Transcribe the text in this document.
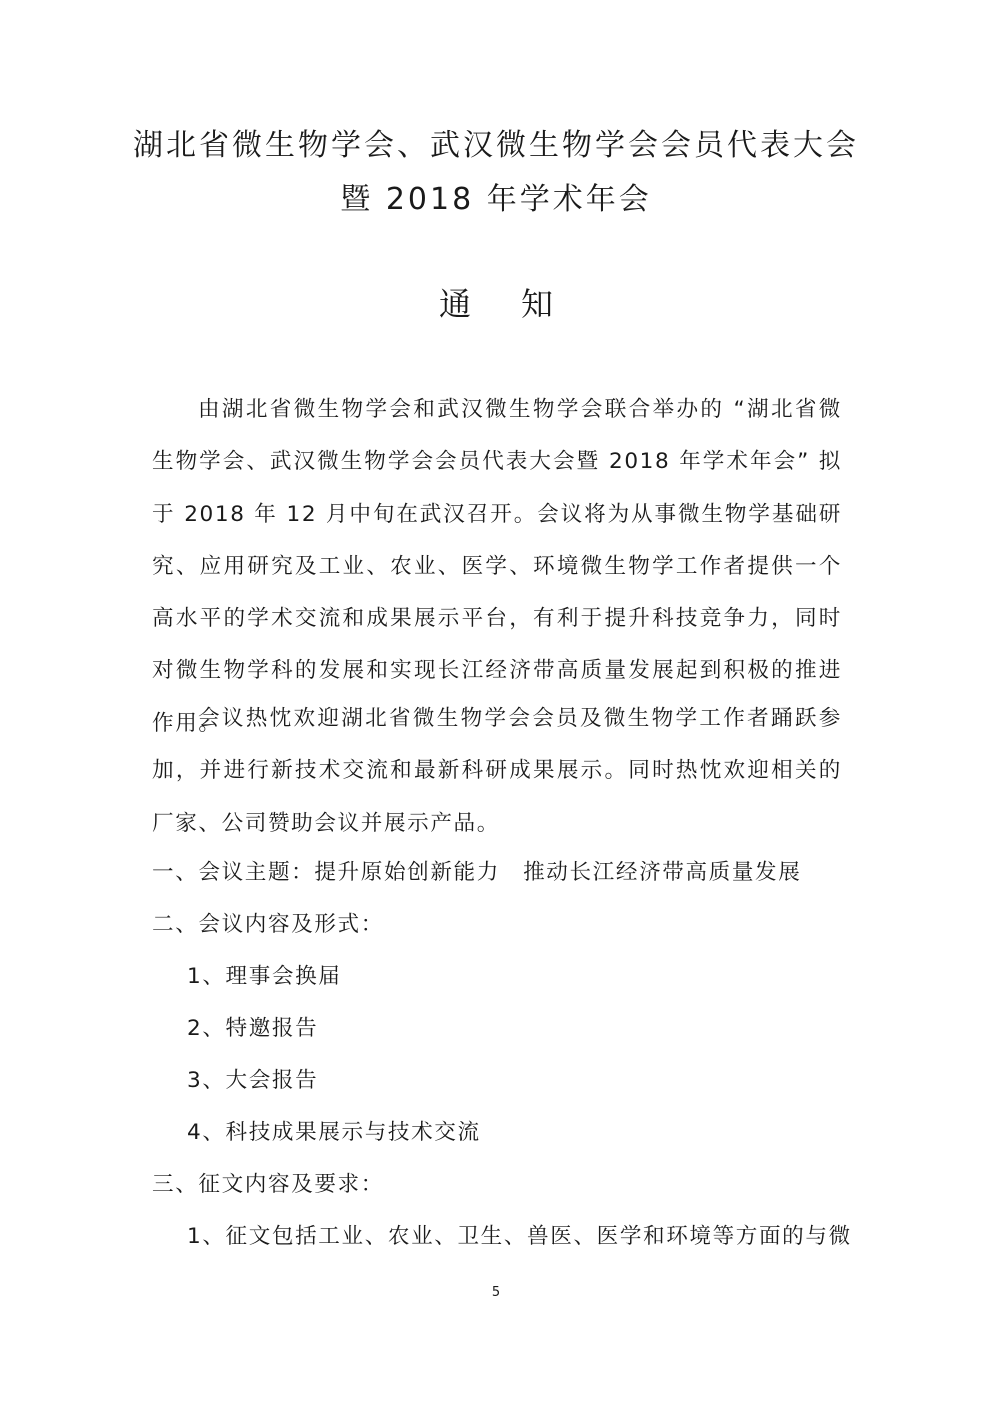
湖北省微生物学会、武汉微生物学会会员代表大会
暨 2018 年学术年会
通知

由湖北省微生物学会和武汉微生物学会联合举办的 “湖北省微生物学会、武汉微生物学会会员代表大会暨 2018 年学术年会” 拟于 2018 年 12 月中旬在武汉召开。会议将为从事微生物学基础研究、应用研究及工业、农业、医学、环境微生物学工作者提供一个高水平的学术交流和成果展示平台，有利于提升科技竞争力，同时对微生物学科的发展和实现长江经济带高质量发展起到积极的推进作用。

会议热忱欢迎湖北省微生物学会会员及微生物学工作者踊跃参加，并进行新技术交流和最新科研成果展示。同时热忱欢迎相关的厂家、公司赞助会议并展示产品。

一、会议主题：提升原始创新能力　推动长江经济带高质量发展
二、会议内容及形式：
1、理事会换届
2、特邀报告
3、大会报告
4、科技成果展示与技术交流
三、征文内容及要求：
1、征文包括工业、农业、卫生、兽医、医学和环境等方面的与微
5
